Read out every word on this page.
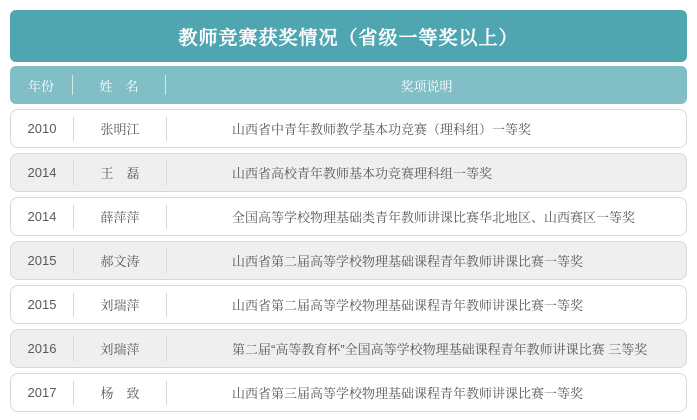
教师竞赛获奖情况（省级一等奖以上）
年份	姓　名	奖项说明
2010	张明江	山西省中青年教师教学基本功竞赛（理科组）一等奖
2014	王　磊	山西省高校青年教师基本功竞赛理科组一等奖
2014	薛萍萍	全国高等学校物理基础类青年教师讲课比赛华北地区、山西赛区一等奖
2015	郝文涛	山西省第二届高等学校物理基础课程青年教师讲课比赛一等奖
2015	刘瑞萍	山西省第二届高等学校物理基础课程青年教师讲课比赛一等奖
2016	刘瑞萍	第二届“高等教育杯”全国高等学校物理基础课程青年教师讲课比赛 三等奖
2017	杨　致	山西省第三届高等学校物理基础课程青年教师讲课比赛一等奖
